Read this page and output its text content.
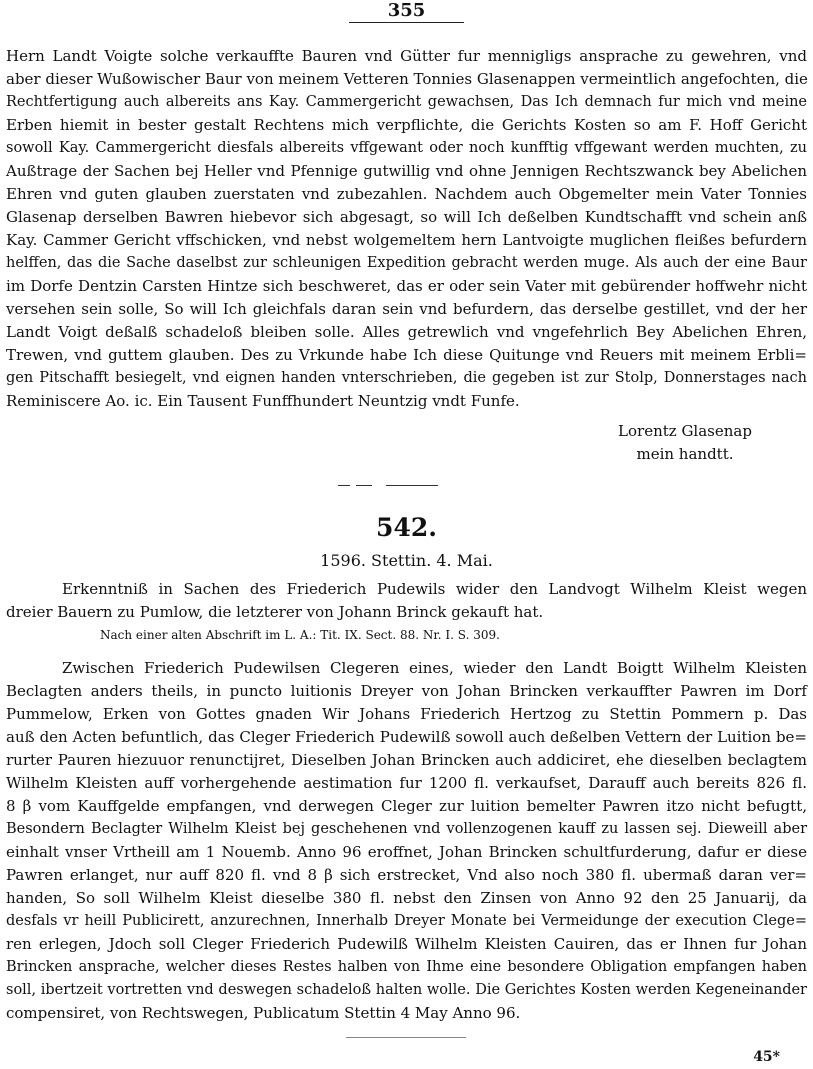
355
Hern Landt Voigte solche verkauffte Bauren vnd Gütter fur mennigligs ansprache zu gewehren, vnd
aber dieser Wußowischer Baur von meinem Vetteren Tonnies Glasenappen vermeintlich angefochten, die
Rechtfertigung auch albereits ans Kay. Cammergericht gewachsen, Das Ich demnach fur mich vnd meine
Erben hiemit in bester gestalt Rechtens mich verpflichte, die Gerichts Kosten so am F. Hoff Gericht
sowoll Kay. Cammergericht diesfals albereits vffgewant oder noch kunfftig vffgewant werden muchten, zu
Außtrage der Sachen bej Heller vnd Pfennige gutwillig vnd ohne Jennigen Rechtszwanck bey Abelichen
Ehren vnd guten glauben zuerstaten vnd zubezahlen. Nachdem auch Obgemelter mein Vater Tonnies
Glasenap derselben Bawren hiebevor sich abgesagt, so will Ich deßelben Kundtschafft vnd schein anß
Kay. Cammer Gericht vffschicken, vnd nebst wolgemeltem hern Lantvoigte muglichen fleißes befurdern
helffen, das die Sache daselbst zur schleunigen Expedition gebracht werden muge. Als auch der eine Baur
im Dorfe Dentzin Carsten Hintze sich beschweret, das er oder sein Vater mit gebürender hoffwehr nicht
versehen sein solle, So will Ich gleichfals daran sein vnd befurdern, das derselbe gestillet, vnd der her
Landt Voigt deßalß schadeloß bleiben solle. Alles getrewlich vnd vngefehrlich Bey Abelichen Ehren,
Trewen, vnd guttem glauben. Des zu Vrkunde habe Ich diese Quitunge vnd Reuers mit meinem Erbli=
gen Pitschafft besiegelt, vnd eignen handen vnterschrieben, die gegeben ist zur Stolp, Donnerstages nach
Reminiscere Ao. ic. Ein Tausent Funffhundert Neuntzig vndt Funfe.
Lorentz Glasenap
mein handtt.
542.
1596. Stettin. 4. Mai.
Erkenntniß in Sachen des Friederich Pudewils wider den Landvogt Wilhelm Kleist wegen
dreier Bauern zu Pumlow, die letzterer von Johann Brinck gekauft hat.
Nach einer alten Abschrift im L. A.: Tit. IX. Sect. 88. Nr. I. S. 309.
Zwischen Friederich Pudewilsen Clegeren eines, wieder den Landt Boigtt Wilhelm Kleisten
Beclagten anders theils, in puncto luitionis Dreyer von Johan Brincken verkauffter Pawren im Dorf
Pummelow, Erken von Gottes gnaden Wir Johans Friederich Hertzog zu Stettin Pommern p. Das
auß den Acten befuntlich, das Cleger Friederich Pudewilß sowoll auch deßelben Vettern der Luition be=
rurter Pauren hiezuuor renunctijret, Dieselben Johan Brincken auch addiciret, ehe dieselben beclagtem
Wilhelm Kleisten auff vorhergehende aestimation fur 1200 fl. verkaufset, Darauff auch bereits 826 fl.
8 β vom Kauffgelde empfangen, vnd derwegen Cleger zur luition bemelter Pawren itzo nicht befugtt,
Besondern Beclagter Wilhelm Kleist bej geschehenen vnd vollenzogenen kauff zu lassen sej. Dieweill aber
einhalt vnser Vrtheill am 1 Nouemb. Anno 96 eroffnet, Johan Brincken schultfurderung, dafur er diese
Pawren erlanget, nur auff 820 fl. vnd 8 β sich erstrecket, Vnd also noch 380 fl. ubermaß daran ver=
handen, So soll Wilhelm Kleist dieselbe 380 fl. nebst den Zinsen von Anno 92 den 25 Januarij, da
desfals vr heill Publicirett, anzurechnen, Innerhalb Dreyer Monate bei Vermeidunge der execution Clege=
ren erlegen, Jdoch soll Cleger Friederich Pudewilß Wilhelm Kleisten Cauiren, das er Ihnen fur Johan
Brincken ansprache, welcher dieses Restes halben von Ihme eine besondere Obligation empfangen haben
soll, ibertzeit vortretten vnd deswegen schadeloß halten wolle. Die Gerichtes Kosten werden Kegeneinander
compensiret, von Rechtswegen, Publicatum Stettin 4 May Anno 96.
45*
